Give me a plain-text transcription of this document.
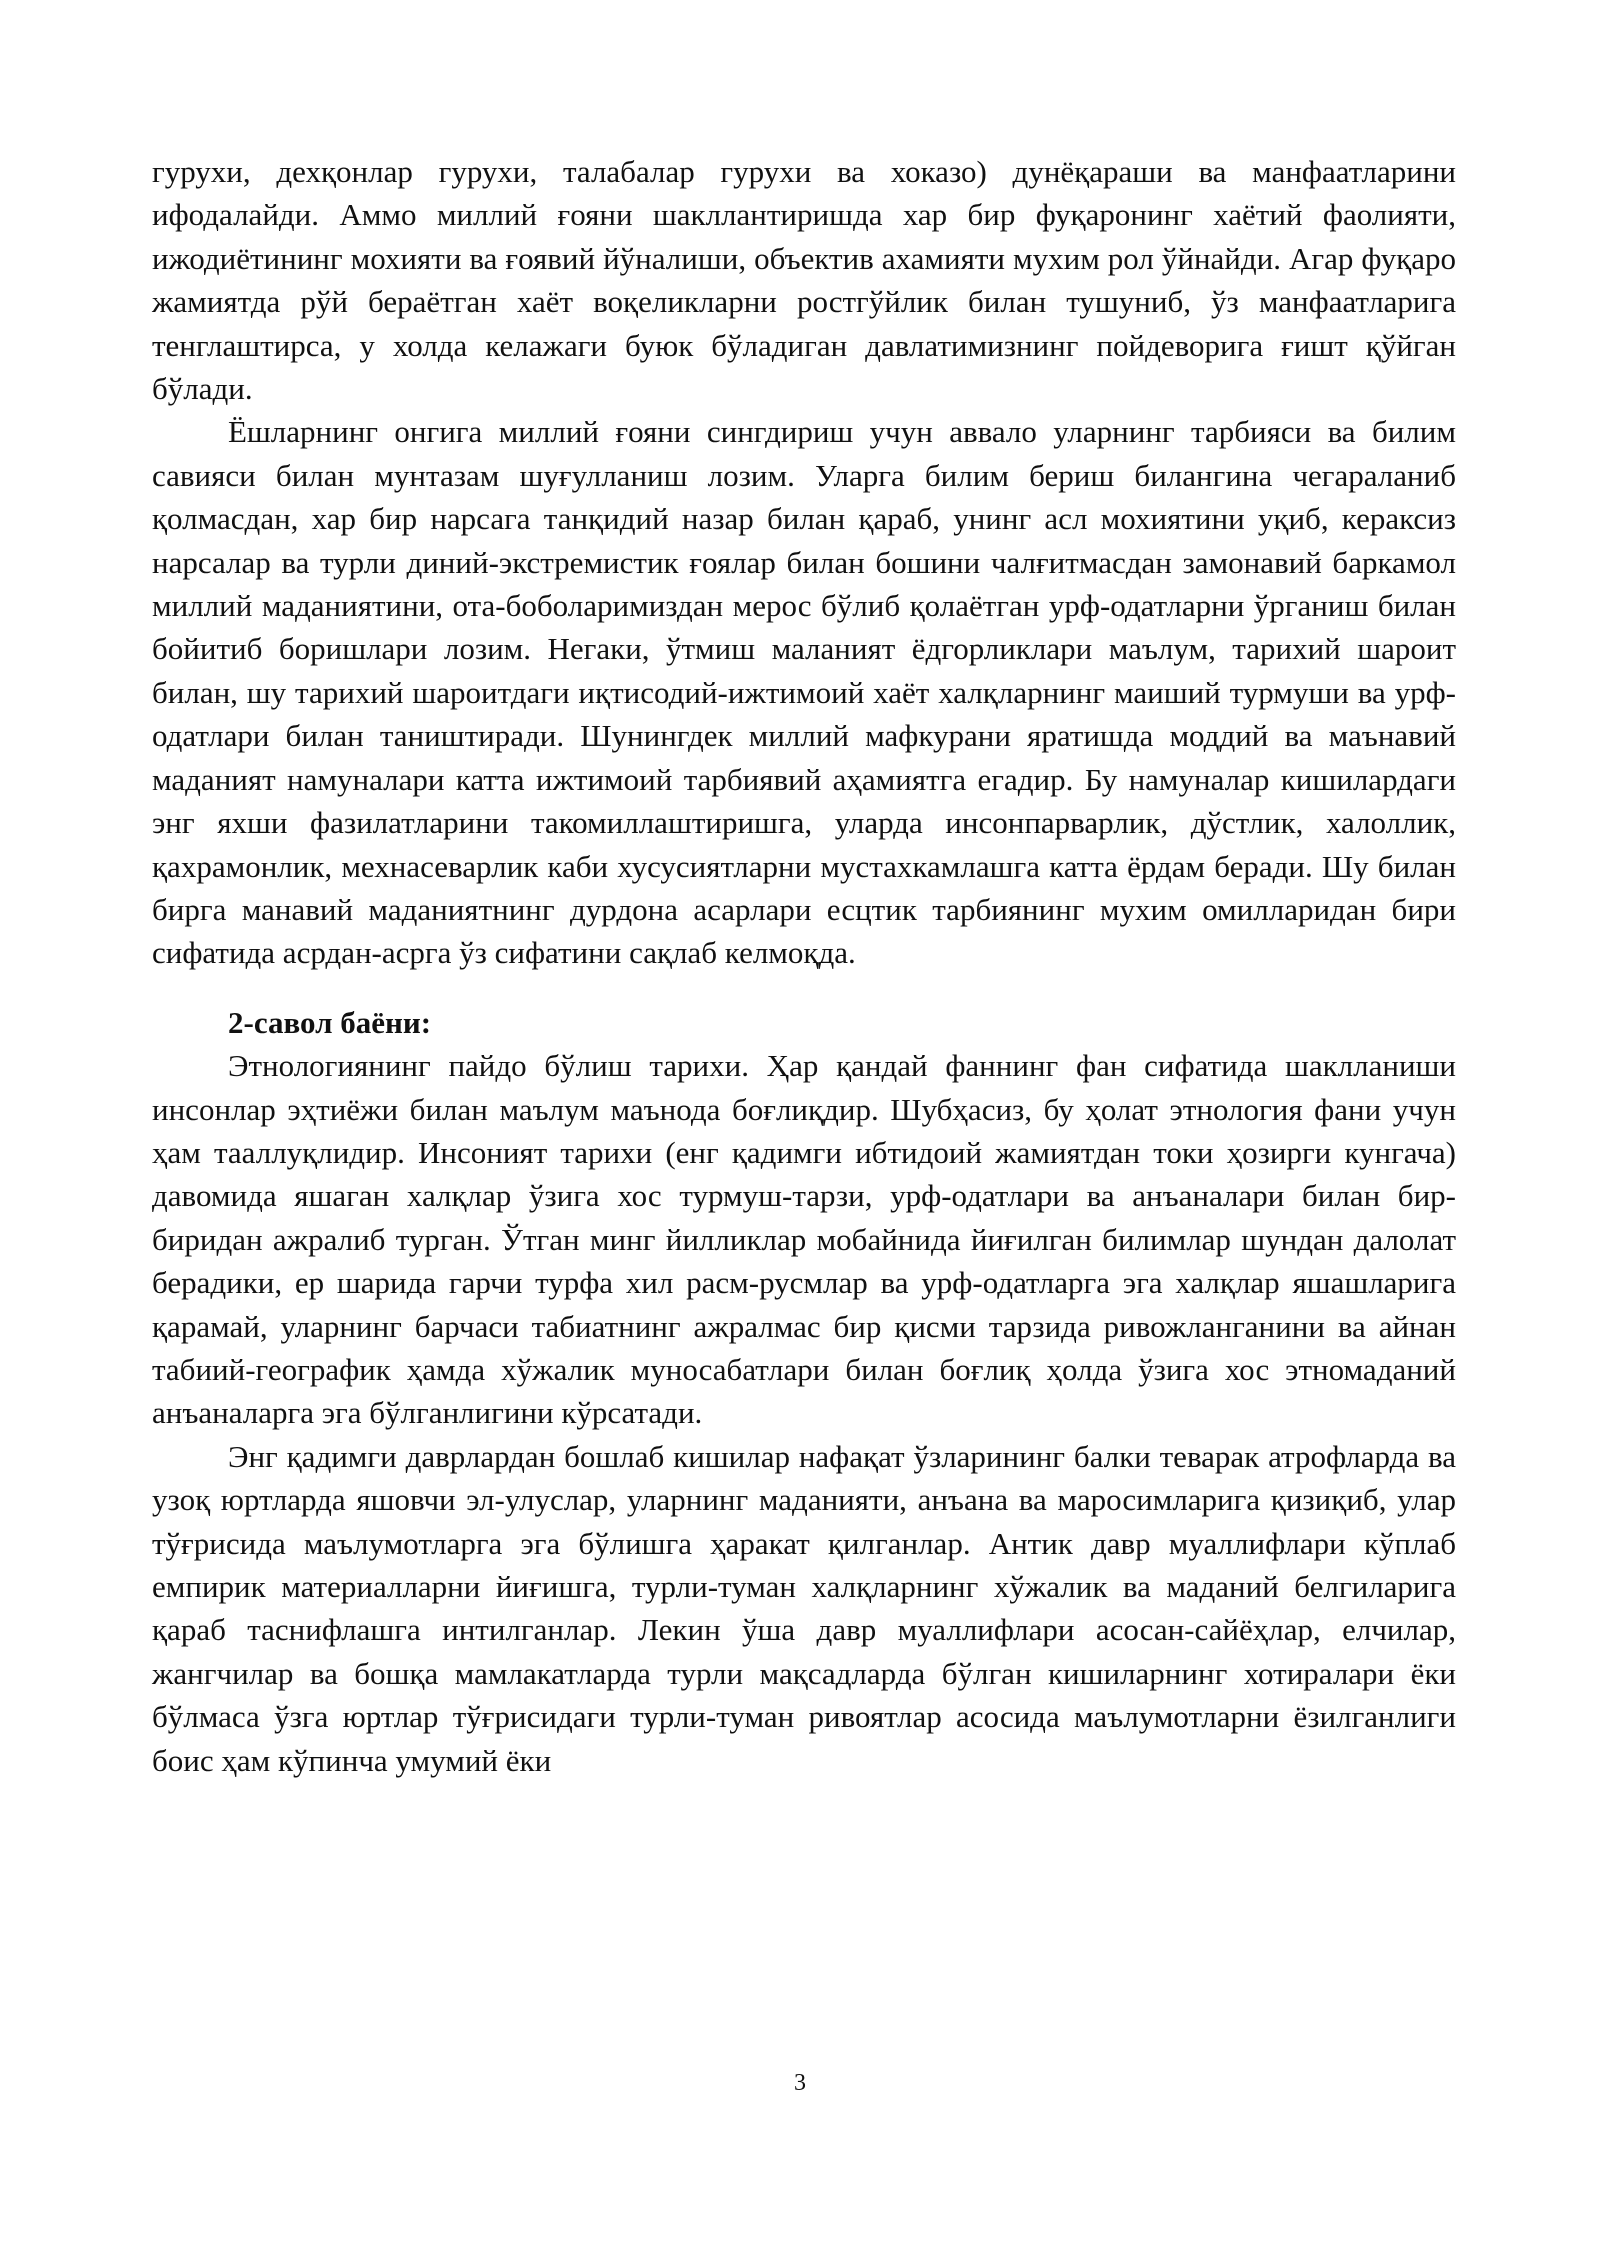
гурухи, дехқонлар гурухи, талабалар гурухи ва хоказо) дунёқараши ва манфаатларини ифодалайди. Аммо миллий ғояни шакллантиришда хар бир фуқаронинг хаётий фаолияти, ижодиётининг мохияти ва ғоявий йўналиши, объектив ахамияти мухим рол ўйнайди. Агар фуқаро жамиятда рўй бераётган хаёт воқеликларни ростгўйлик билан тушуниб, ўз манфаатларига тенглаштирса, у холда келажаги буюк бўладиган давлатимизнинг пойдеворига ғишт қўйган бўлади.

Ёшларнинг онгига миллий ғояни сингдириш учун аввало уларнинг тарбияси ва билим савияси билан мунтазам шуғулланиш лозим. Уларга билим бериш билангина чегараланиб қолмасдан, хар бир нарсага танқидий назар билан қараб, унинг асл мохиятини уқиб, кераксиз нарсалар ва турли диний-экстремистик ғоялар билан бошини чалғитмасдан замонавий баркамол миллий маданиятини, ота-боболаримиздан мерос бўлиб қолаётган урф-одатларни ўрганиш билан бойитиб боришлари лозим. Негаки, ўтмиш маланият ёдгорликлари маълум, тарихий шароит билан, шу тарихий шароитдаги иқтисодий-ижтимоий хаёт халқларнинг маиший турмуши ва урф-одатлари билан таништиради. Шунингдек миллий мафкурани яратишда моддий ва маънавий маданият намуналари катта ижтимоий тарбиявий аҳамиятга егадир. Бу намуналар кишилардаги энг яхши фазилатларини такомиллаштиришга, уларда инсонпарварлик, дўстлик, халоллик, қахрамонлик, мехнасеварлик каби хусусиятларни мустахкамлашга катта ёрдам беради. Шу билан бирга манавий маданиятнинг дурдона асарлари есцтик тарбиянинг мухим омилларидан бири сифатида асрдан-асрга ўз сифатини сақлаб келмоқда.

2-савол баёни:

Этнологиянинг пайдо бўлиш тарихи. Ҳар қандай фаннинг фан сифатида шаклланиши инсонлар эҳтиёжи билан маълум маънода боғлиқдир. Шубҳасиз, бу ҳолат этнология фани учун ҳам тааллуқлидир. Инсоният тарихи (енг қадимги ибтидоий жамиятдан токи ҳозирги кунгача) давомида яшаган халқлар ўзига хос турмуш-тарзи, урф-одатлари ва анъаналари билан бир-биридан ажралиб турган. Ўтган минг йилликлар мобайнида йиғилган билимлар шундан далолат берадики, ер шарида гарчи турфа хил расм-русмлар ва урф-одатларга эга халқлар яшашларига қарамай, уларнинг барчаси табиатнинг ажралмас бир қисми тарзида ривожланганини ва айнан табиий-географик ҳамда хўжалик муносабатлари билан боғлиқ ҳолда ўзига хос этномаданий анъаналарга эга бўлганлигини кўрсатади.

Энг қадимги даврлардан бошлаб кишилар нафақат ўзларининг балки теварак атрофларда ва узоқ юртларда яшовчи эл-улуслар, уларнинг маданияти, анъана ва маросимларига қизиқиб, улар тўғрисида маълумотларга эга бўлишга ҳаракат қилганлар. Антик давр муаллифлари кўплаб емпирик материалларни йиғишга, турли-туман халқларнинг хўжалик ва маданий белгиларига қараб таснифлашга интилганлар. Лекин ўша давр муаллифлари асосан-сайёҳлар, елчилар, жангчилар ва бошқа мамлакатларда турли мақсадларда бўлган кишиларнинг хотиралари ёки бўлмаса ўзга юртлар тўғрисидаги турли-туман ривоятлар асосида маълумотларни ёзилганлиги боис ҳам кўпинча умумий ёки

3
